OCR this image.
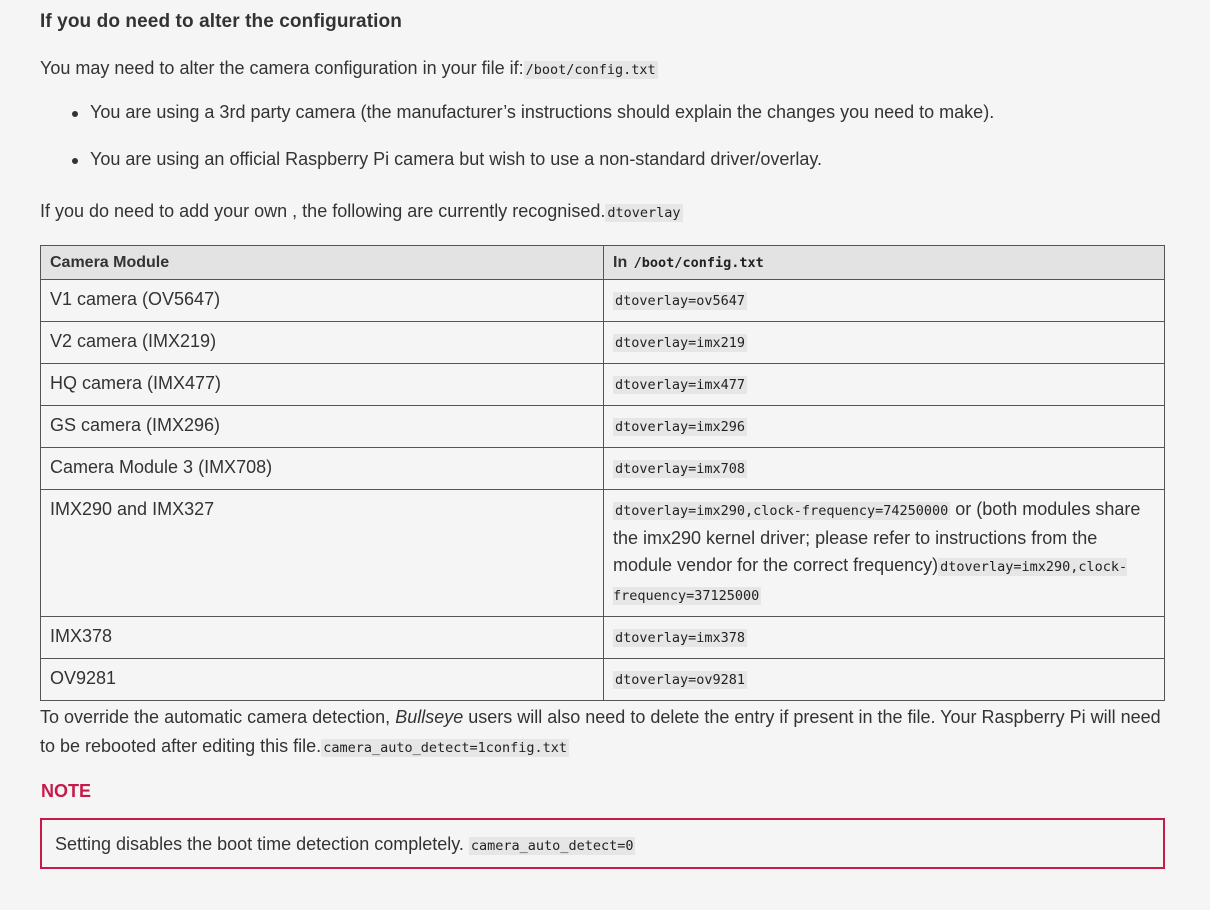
If you do need to alter the configuration

You may need to alter the camera configuration in your file if: /boot/config.txt

You are using a 3rd party camera (the manufacturer’s instructions should explain the changes you need to make).
You are using an official Raspberry Pi camera but wish to use a non-standard driver/overlay.

If you do need to add your own , the following are currently recognised. dtoverlay

Camera Module	In /boot/config.txt
V1 camera (OV5647)	dtoverlay=ov5647
V2 camera (IMX219)	dtoverlay=imx219
HQ camera (IMX477)	dtoverlay=imx477
GS camera (IMX296)	dtoverlay=imx296
Camera Module 3 (IMX708)	dtoverlay=imx708
IMX290 and IMX327	dtoverlay=imx290,clock-frequency=74250000 or (both modules share the imx290 kernel driver; please refer to instructions from the module vendor for the correct frequency) dtoverlay=imx290,clock-frequency=37125000
IMX378	dtoverlay=imx378
OV9281	dtoverlay=ov9281

To override the automatic camera detection, Bullseye users will also need to delete the entry if present in the file. Your Raspberry Pi will need to be rebooted after editing this file. camera_auto_detect=1config.txt

NOTE
Setting disables the boot time detection completely. camera_auto_detect=0
